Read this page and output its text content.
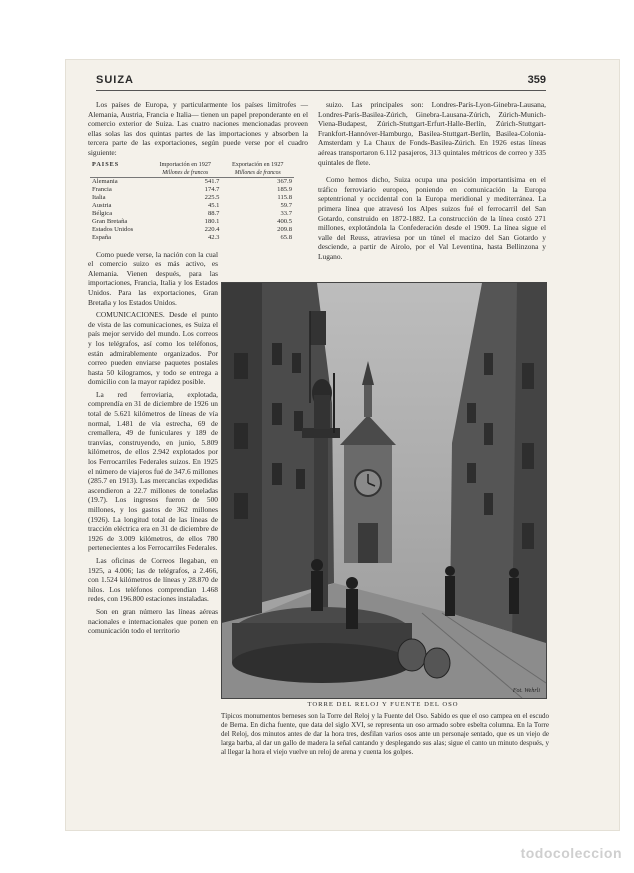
SUIZA	359

Los países de Europa, y particularmente los países limítrofes —Alemania, Austria, Francia e Italia— tienen un papel preponderante en el comercio exterior de Suiza. Las cuatro naciones mencionadas proveen ellas solas las dos quintas partes de las importaciones y absorben la tercera parte de las exportaciones, según puede verse por el cuadro siguiente:

PAISES	Importación en 1927	Exportación en 1927
	Millones de francos	Millones de francos
Alemania	541.7	367.9
Francia	174.7	185.9
Italia	225.5	115.8
Austria	45.1	59.7
Bélgica	88.7	33.7
Gran Bretaña	180.1	400.5
Estados Unidos	220.4	209.8
España	42.3	65.8

Como puede verse, la nación con la cual el comercio suizo es más activo, es Alemania. Vienen después, para las importaciones, Francia, Italia y los Estados Unidos. Para las exportaciones, Gran Bretaña y los Estados Unidos.

COMUNICACIONES. Desde el punto de vista de las comunicaciones, es Suiza el país mejor servido del mundo. Los correos y los telégrafos, así como los teléfonos, están admirablemente organizados. Por correo pueden enviarse paquetes postales hasta 50 kilogramos, y todo se entrega a domicilio con la mayor rapidez posible.

La red ferroviaria, explotada, comprendía en 31 de diciembre de 1926 un total de 5.621 kilómetros de líneas de vía normal, 1.481 de vía estrecha, 69 de cremallera, 49 de funiculares y 189 de tranvías, construyendo, en junio, 5.809 kilómetros, de ellos 2.942 explotados por los Ferrocarriles Federales suizos. En 1925 el número de viajeros fué de 347.6 millones (285.7 en 1913). Las mercancías expedidas ascendieron a 22.7 millones de toneladas (19.7). Los ingresos fueron de 500 millones, y los gastos de 362 millones (1926). La longitud total de las líneas de tracción eléctrica era en 31 de diciembre de 1926 de 3.009 kilómetros, de ellos 780 pertenecientes a los Ferrocarriles Federales.

Las oficinas de Correos llegaban, en 1925, a 4.006; las de telégrafos, a 2.466, con 1.524 kilómetros de líneas y 28.870 de hilos. Los teléfonos comprendían 1.468 redes, con 196.800 estaciones instaladas.

Son en gran número las líneas aéreas nacionales e internacionales que ponen en comunicación todo el territorio

suizo. Las principales son: Londres-París-Lyon-Ginebra-Lausana, Londres-París-Basilea-Zúrich, Ginebra-Lausana-Zúrich, Zúrich-Munich-Viena-Budapest, Zúrich-Stuttgart-Erfurt-Halle-Berlín, Zúrich-Stuttgart-Frankfort-Hannóver-Hamburgo, Basilea-Stuttgart-Berlín, Basilea-Colonia-Amsterdam y La Chaux de Fonds-Basilea-Zúrich. En 1926 estas líneas aéreas transportaron 6.112 pasajeros, 313 quintales métricos de correo y 335 quintales de flete.

Como hemos dicho, Suiza ocupa una posición importantísima en el tráfico ferroviario europeo, poniendo en comunicación la Europa septentrional y occidental con la Europa meridional y mediterránea. La primera línea que atravesó los Alpes suizos fué el ferrocarril del San Gotardo, construido en 1872-1882. La construcción de la línea costó 271 millones, explotándola la Confederación desde el 1909. La línea sigue el valle del Reuss, atraviesa por un túnel el macizo del San Gotardo y desciende, a partir de Airolo, por el Val Leventina, hasta Bellinzona y Lugano.

Fot. Wehrli
TORRE DEL RELOJ Y FUENTE DEL OSO
Típicos monumentos berneses son la Torre del Reloj y la Fuente del Oso. Sabido es que el oso campea en el escudo de Berna. En dicha fuente, que data del siglo XVI, se representa un oso armado sobre esbelta columna. En la Torre del Reloj, dos minutos antes de dar la hora tres, desfilan varios osos ante un personaje sentado, que es un viejo de larga barba, al dar un gallo de madera la señal cantando y desplegando sus alas; sigue el canto un minuto después, y al llegar la hora el viejo vuelve un reloj de arena y cuenta los golpes.
todocoleccion
